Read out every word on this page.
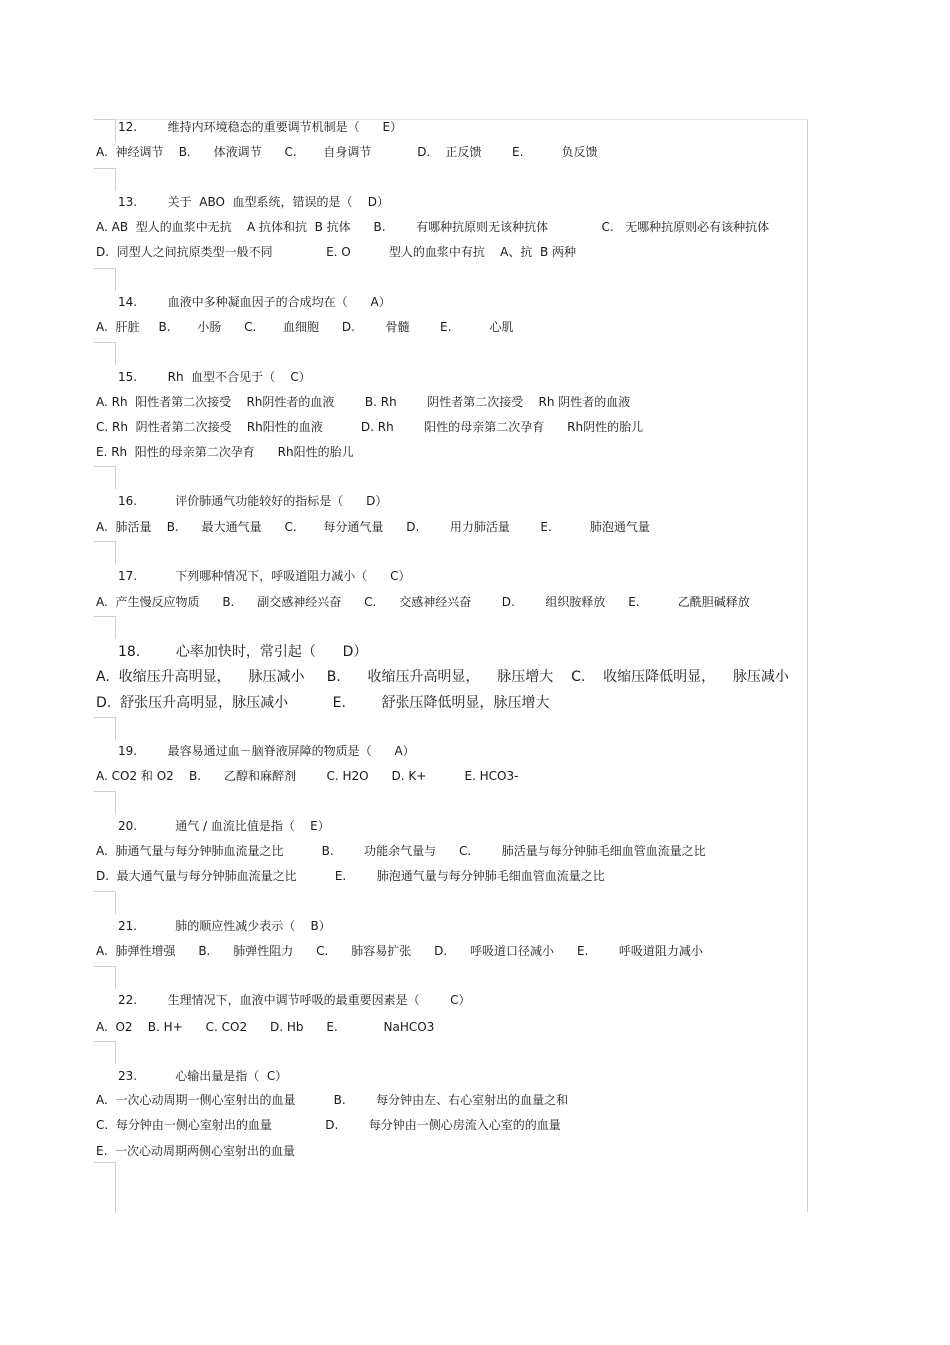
12.        维持内环境稳态的重要调节机制是（      E）
A.  神经调节    B.      体液调节      C.       自身调节            D.    正反馈        E.          负反馈
13.        关于  ABO  血型系统，错误的是（    D）
A. AB  型人的血浆中无抗    A 抗体和抗  B 抗体      B.        有哪种抗原则无该种抗体              C.   无哪种抗原则必有该种抗体
D.  同型人之间抗原类型一般不同              E. O          型人的血浆中有抗    A、抗  B 两种
14.        血液中多种凝血因子的合成均在（      A）
A.  肝脏     B.       小肠      C.       血细胞      D.        骨髓        E.          心肌
15.        Rh  血型不合见于（    C）
A. Rh  阳性者第二次接受    Rh阴性者的血液        B. Rh        阴性者第二次接受    Rh 阴性者的血液
C. Rh  阴性者第二次接受    Rh阳性的血液          D. Rh        阳性的母亲第二次孕育      Rh阴性的胎儿
E. Rh  阳性的母亲第二次孕育      Rh阳性的胎儿
16.          评价肺通气功能较好的指标是（      D）
A.  肺活量    B.      最大通气量      C.       每分通气量      D.        用力肺活量        E.          肺泡通气量
17.          下列哪种情况下，呼吸道阻力减小（      C）
A.  产生慢反应物质      B.      副交感神经兴奋      C.      交感神经兴奋        D.        组织胺释放      E.          乙酰胆碱释放
18.        心率加快时，常引起（      D）
A.  收缩压升高明显，    脉压减小     B.      收缩压升高明显，    脉压增大    C.    收缩压降低明显，    脉压减小
D.  舒张压升高明显，脉压减小          E.        舒张压降低明显，脉压增大
19.        最容易通过血－脑脊液屏障的物质是（      A）
A. CO2 和 O2    B.      乙醇和麻醉剂        C. H2O      D. K+          E. HCO3-
20.          通气 / 血流比值是指（    E）
A.  肺通气量与每分钟肺血流量之比          B.        功能余气量与      C.        肺活量与每分钟肺毛细血管血流量之比
D.  最大通气量与每分钟肺血流量之比          E.        肺泡通气量与每分钟肺毛细血管血流量之比
21.          肺的顺应性减少表示（    B）
A.  肺弹性增强      B.      肺弹性阻力      C.      肺容易扩张      D.      呼吸道口径减小      E.        呼吸道阻力减小
22.        生理情况下，血液中调节呼吸的最重要因素是（        C）
A.  O2    B. H+      C. CO2      D. Hb      E.            NaHCO3
23.          心输出量是指（  C）
A.  一次心动周期一侧心室射出的血量          B.        每分钟由左、右心室射出的血量之和
C.  每分钟由一侧心室射出的血量              D.        每分钟由一侧心房流入心室的的血量
E.  一次心动周期两侧心室射出的血量
